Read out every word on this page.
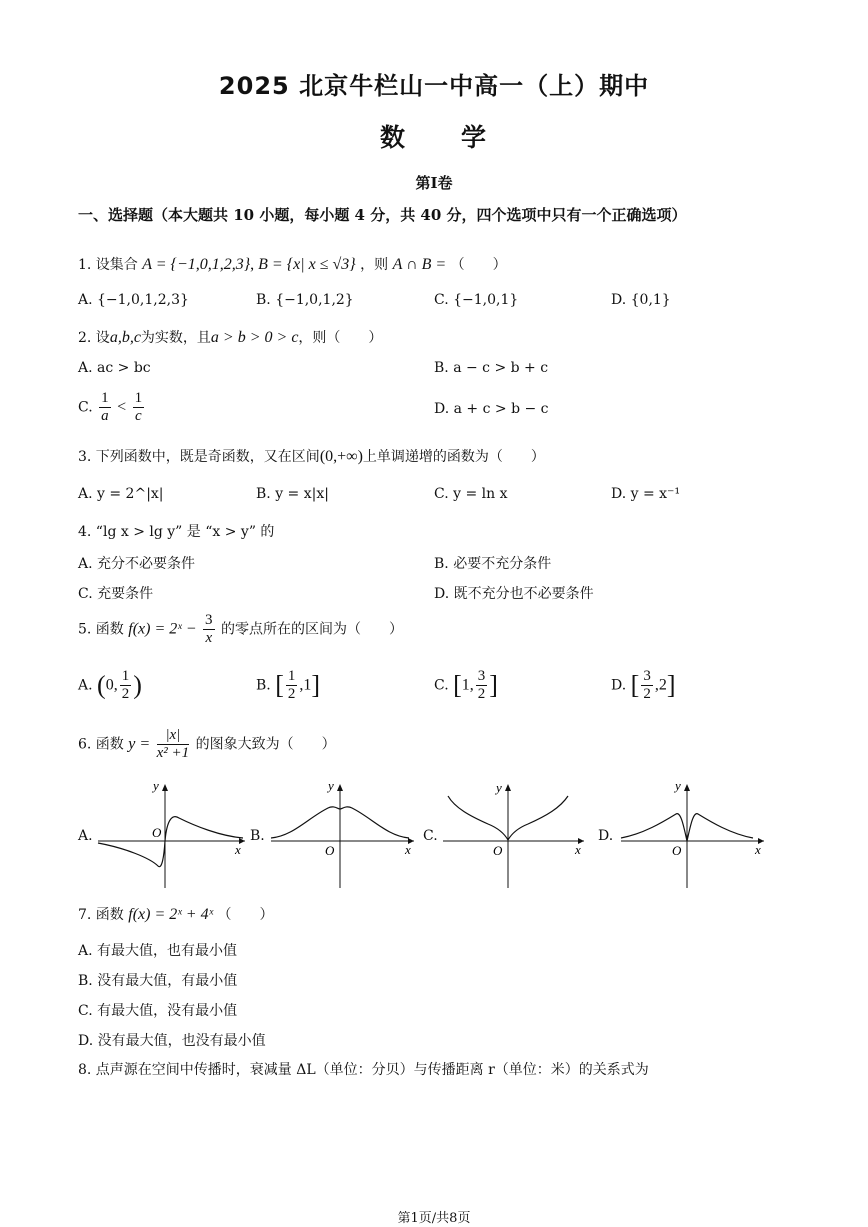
2025 北京牛栏山一中高一（上）期中
数　　学
第I卷
一、选择题（本大题共 10 小题，每小题 4 分，共 40 分，四个选项中只有一个正确选项）
1. 设集合 A = {−1,0,1,2,3}, B = {x| x ≤ √3} ，则 A ∩ B = （　　）
A. {−1,0,1,2,3}	B. {−1,0,1,2}	C. {−1,0,1}	D. {0,1}
2. 设a,b,c为实数，且a > b > 0 > c，则（　　）
A. ac > bc	B. a − c > b + c
C. $\frac{1}{a} < \frac{1}{c}$	D. a + c > b − c
3. 下列函数中，既是奇函数，又在区间(0,+∞)上单调递增的函数为（　　）
A. y = 2^|x|	B. y = x|x|	C. y = ln x	D. y = x⁻¹
4. “lg x > lg y” 是 “x > y” 的
A. 充分不必要条件	B. 必要不充分条件
C. 充要条件	D. 既不充分也不必要条件
5. 函数 f(x) = 2ˣ − $\frac{3}{x}$ 的零点所在的区间为（　　）
A. (0, $\frac{1}{2}$ )	B. [ $\frac{1}{2} ,1$]	C. [1, $\frac{3}{2}$ ]	D. [ $\frac{3}{2} ,2$]
6. 函数 $y = \frac{|x|}{\text{x² +1}}$ 的图象大致为（　　）
A.	B.	C.	D.
y
x
O
y
x
O
y
x
O
y
x
O
7. 函数 f(x) = 2ˣ + 4ˣ （　　）
A. 有最大值，也有最小值
B. 没有最大值，有最小值
C. 有最大值，没有最小值
D. 没有最大值，也没有最小值
8. 点声源在空间中传播时，衰减量 ΔL（单位：分贝）与传播距离 r（单位：米）的关系式为
第1页/共8页
